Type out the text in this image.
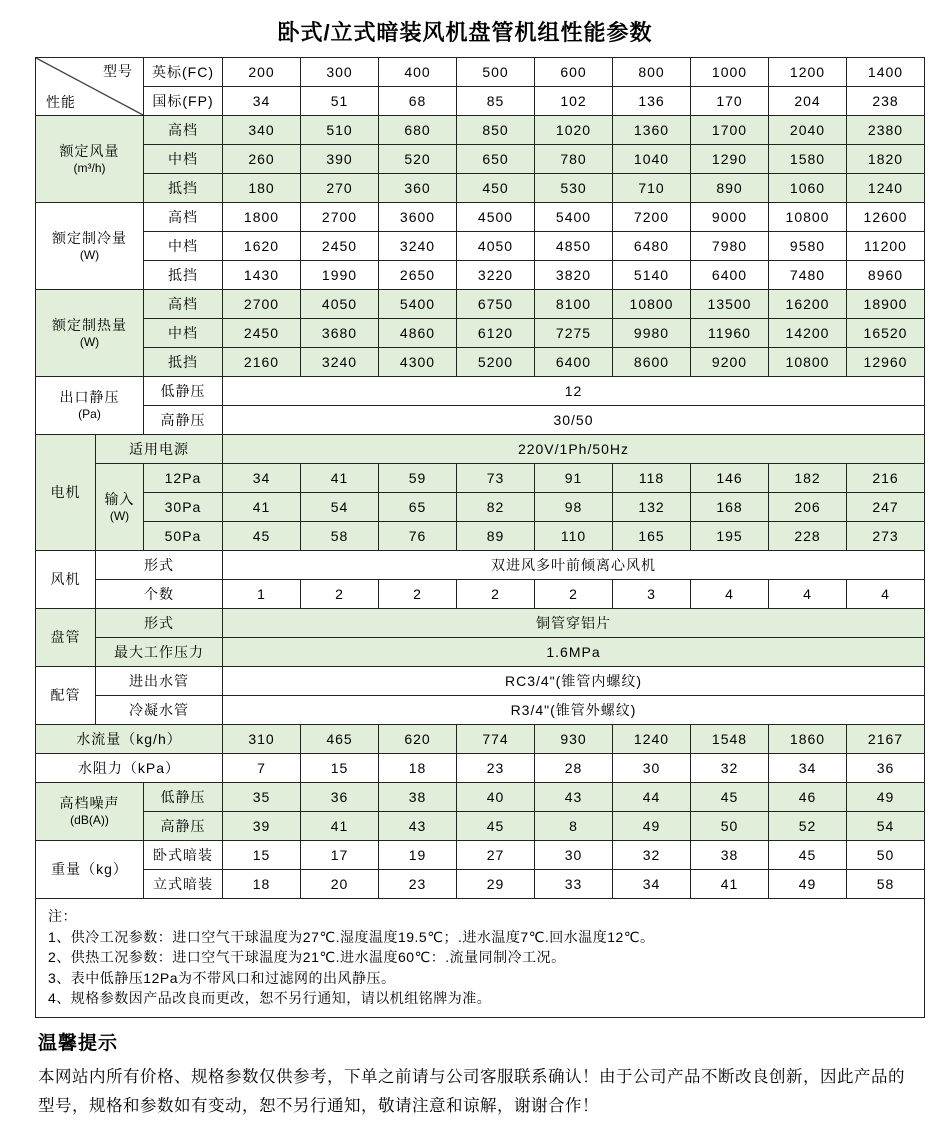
卧式/立式暗装风机盘管机组性能参数
型号
性能		英标(FC)	200	300	400	500	600	800	1000	1200	1400
		国标(FP)	34	51	68	85	102	136	170	204	238
额定风量
(m³/h)		高档	340	510	680	850	1020	1360	1700	2040	2380
		中档	260	390	520	650	780	1040	1290	1580	1820
		抵挡	180	270	360	450	530	710	890	1060	1240
额定制冷量
(W)		高档	1800	2700	3600	4500	5400	7200	9000	10800	12600
		中档	1620	2450	3240	4050	4850	6480	7980	9580	11200
		抵挡	1430	1990	2650	3220	3820	5140	6400	7480	8960
额定制热量
(W)		高档	2700	4050	5400	6750	8100	10800	13500	16200	18900
		中档	2450	3680	4860	6120	7275	9980	11960	14200	16520
		抵挡	2160	3240	4300	5200	6400	8600	9200	10800	12960
出口静压
(Pa)		低静压	12								
		高静压	30/50								
电机	适用电源		220V/1Ph/50Hz								
	输入
(W)	12Pa	34	41	59	73	91	118	146	182	216
		30Pa	41	54	65	82	98	132	168	206	247
		50Pa	45	58	76	89	110	165	195	228	273
风机	形式		双进风多叶前倾离心风机								
	个数		1	2	2	2	2	3	4	4	4
盘管	形式		铜管穿铝片								
	最大工作压力		1.6MPa								
配管	进出水管		RC3/4"(锥管内螺纹)								
	冷凝水管		R3/4"(锥管外螺纹)								
水流量（kg/h）			310	465	620	774	930	1240	1548	1860	2167
水阻力（kPa）			7	15	18	23	28	30	32	34	36
高档噪声
(dB(A))		低静压	35	36	38	40	43	44	45	46	49
		高静压	39	41	43	45	8	49	50	52	54
重量（kg）		卧式暗装	15	17	19	27	30	32	38	45	50
		立式暗装	18	20	23	29	33	34	41	49	58
注：
1、供冷工况参数：进口空气干球温度为27℃.湿度温度19.5℃；.进水温度7℃.回水温度12℃。
2、供热工况参数：进口空气干球温度为21℃.进水温度60℃：.流量同制冷工况。
3、表中低静压12Pa为不带风口和过滤网的出风静压。
4、规格参数因产品改良而更改，恕不另行通知，请以机组铭牌为准。
温馨提示
本网站内所有价格、规格参数仅供参考，下单之前请与公司客服联系确认！由于公司产品不断改良创新，因此产品的型号，规格和参数如有变动，恕不另行通知，敬请注意和谅解，谢谢合作！
